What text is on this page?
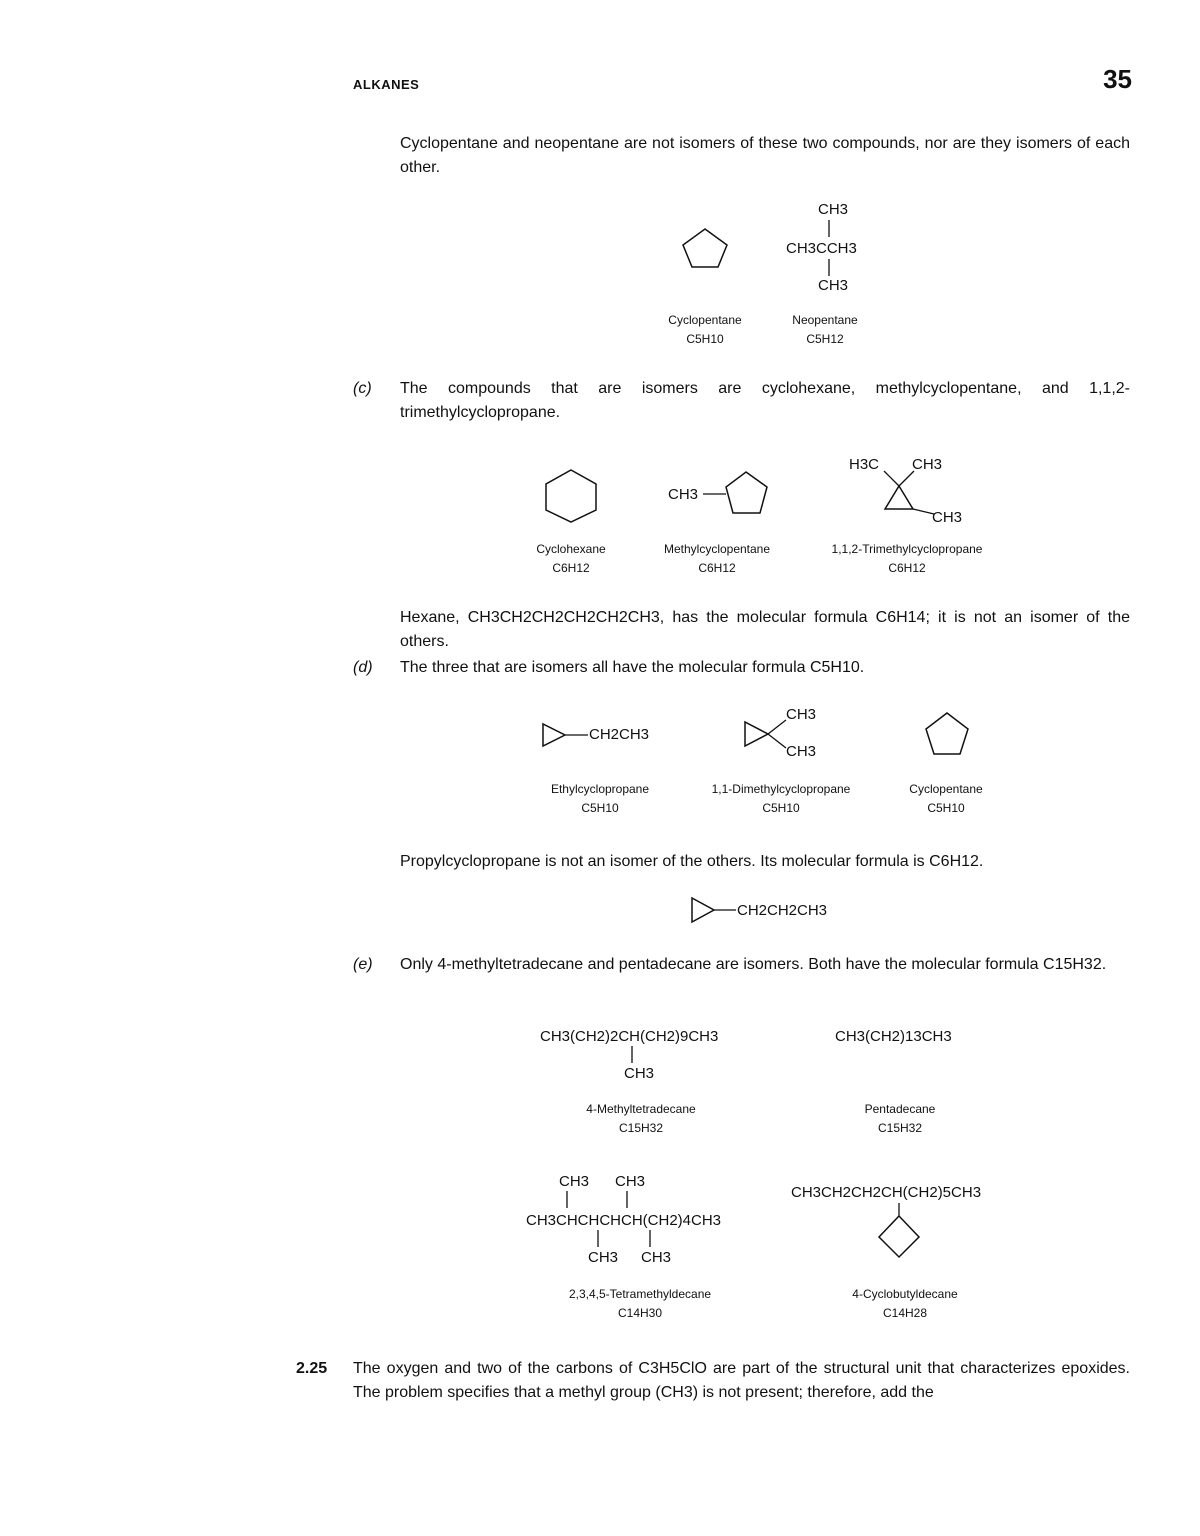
ALKANES	35
Cyclopentane and neopentane are not isomers of these two compounds, nor are they isomers of each other.
CH3
CH3CCH3
CH3
Cyclopentane
C5H10
Neopentane
C5H12
(c) The compounds that are isomers are cyclohexane, methylcyclopentane, and 1,1,2-trimethylcyclopropane.
CH3
H3C CH3
CH3
Cyclohexane
C6H12
Methylcyclopentane
C6H12
1,1,2-Trimethylcyclopropane
C6H12
Hexane, CH3CH2CH2CH2CH2CH3, has the molecular formula C6H14; it is not an isomer of the others.
(d) The three that are isomers all have the molecular formula C5H10.
CH2CH3
CH3
CH3
Ethylcyclopropane
C5H10
1,1-Dimethylcyclopropane
C5H10
Cyclopentane
C5H10
Propylcyclopropane is not an isomer of the others. Its molecular formula is C6H12.
CH2CH2CH3
(e) Only 4-methyltetradecane and pentadecane are isomers. Both have the molecular formula C15H32.
CH3(CH2)2CH(CH2)9CH3
CH3
CH3(CH2)13CH3
4-Methyltetradecane
C15H32
Pentadecane
C15H32
CH3 CH3
CH3CHCHCHCH(CH2)4CH3
CH3 CH3
CH3CH2CH2CH(CH2)5CH3
2,3,4,5-Tetramethyldecane
C14H30
4-Cyclobutyldecane
C14H28
2.25 The oxygen and two of the carbons of C3H5ClO are part of the structural unit that characterizes epoxides. The problem specifies that a methyl group (CH3) is not present; therefore, add the
